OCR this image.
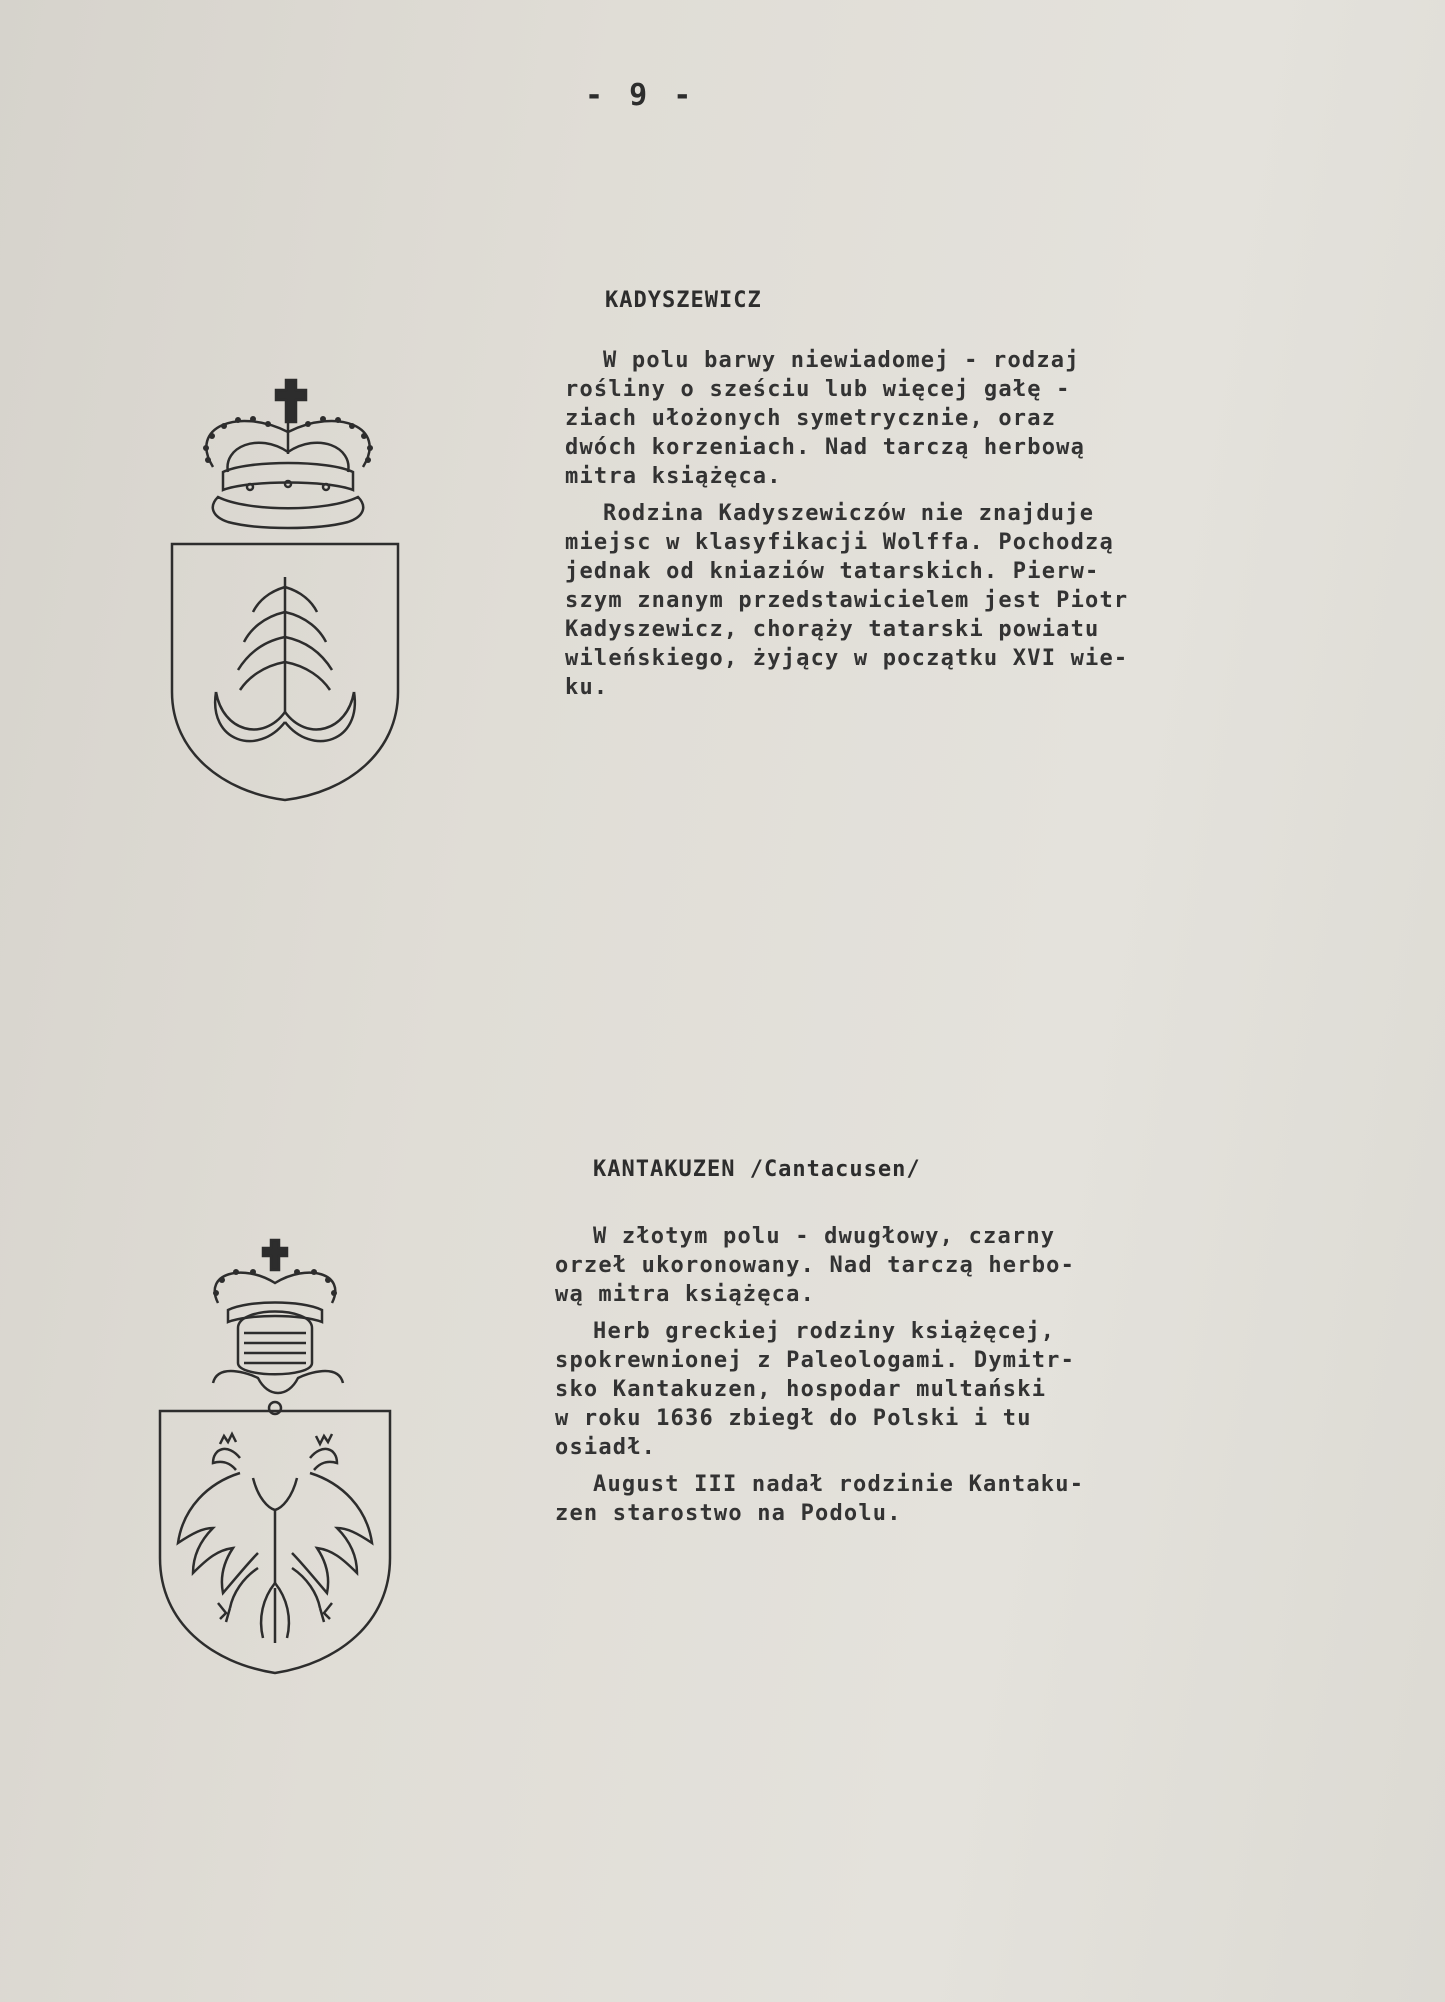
- 9 -
KADYSZEWICZ

W polu barwy niewiadomej - rodzaj
rośliny o sześciu lub więcej gałę -
ziach ułożonych symetrycznie, oraz
dwóch korzeniach. Nad tarczą herbową
mitra książęca.

Rodzina Kadyszewiczów nie znajduje
miejsc w klasyfikacji Wolffa. Pochodzą
jednak od kniaziów tatarskich. Pierw-
szym znanym przedstawicielem jest Piotr
Kadyszewicz, chorąży tatarski powiatu
wileńskiego, żyjący w początku XVI wie-
ku.

KANTAKUZEN /Cantacusen/

W złotym polu - dwugłowy, czarny
orzeł ukoronowany. Nad tarczą herbo-
wą mitra książęca.

Herb greckiej rodziny książęcej,
spokrewnionej z Paleologami. Dymitr-
sko Kantakuzen, hospodar multański
w roku 1636 zbiegł do Polski i tu
osiadł.

August III nadał rodzinie Kantaku-
zen starostwo na Podolu.
